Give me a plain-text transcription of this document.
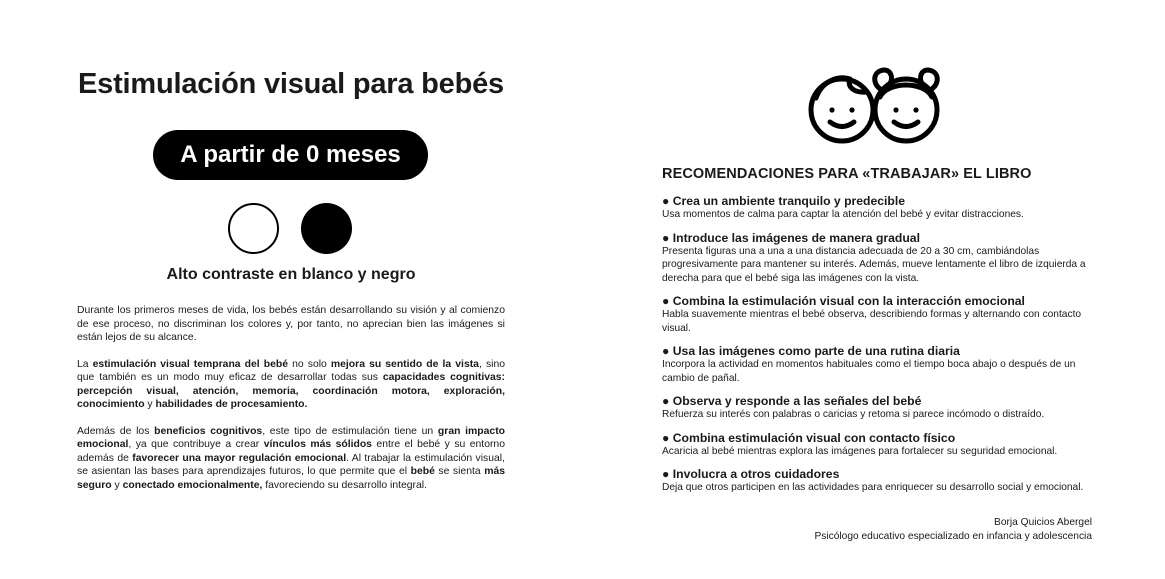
Estimulación visual para bebés
A partir de 0 meses
Alto contraste en blanco y negro

Durante los primeros meses de vida, los bebés están desarrollando su visión y al comienzo de ese proceso, no discriminan los colores y, por tanto, no aprecian bien las imágenes si están lejos de su alcance.

La estimulación visual temprana del bebé no solo mejora su sentido de la vista, sino que también es un modo muy eficaz de desarrollar todas sus capacidades cognitivas: percepción visual, atención, memoria, coordinación motora, exploración, conocimiento y habilidades de procesamiento.

Además de los beneficios cognitivos, este tipo de estimulación tiene un gran impacto emocional, ya que contribuye a crear vínculos más sólidos entre el bebé y su entorno además de favorecer una mayor regulación emocional. Al trabajar la estimulación visual, se asientan las bases para aprendizajes futuros, lo que permite que el bebé se sienta más seguro y conectado emocionalmente, favoreciendo su desarrollo integral.

RECOMENDACIONES PARA «TRABAJAR» EL LIBRO
● Crea un ambiente tranquilo y predecible

Usa momentos de calma para captar la atención del bebé y evitar distracciones.

● Introduce las imágenes de manera gradual

Presenta figuras una a una a una distancia adecuada de 20 a 30 cm, cambiándolas progresivamente para mantener su interés. Además, mueve lentamente el libro de izquierda a derecha para que el bebé siga las imágenes con la vista.

● Combina la estimulación visual con la interacción emocional

Habla suavemente mientras el bebé observa, describiendo formas y alternando con contacto visual.

● Usa las imágenes como parte de una rutina diaria

Incorpora la actividad en momentos habituales como el tiempo boca abajo o después de un cambio de pañal.

● Observa y responde a las señales del bebé

Refuerza su interés con palabras o caricias y retoma si parece incómodo o distraído.

● Combina estimulación visual con contacto físico

Acaricia al bebé mientras explora las imágenes para fortalecer su seguridad emocional.

● Involucra a otros cuidadores

Deja que otros participen en las actividades para enriquecer su desarrollo social y emocional.

Borja Quicios Abergel
Psicólogo educativo especializado en infancia y adolescencia
